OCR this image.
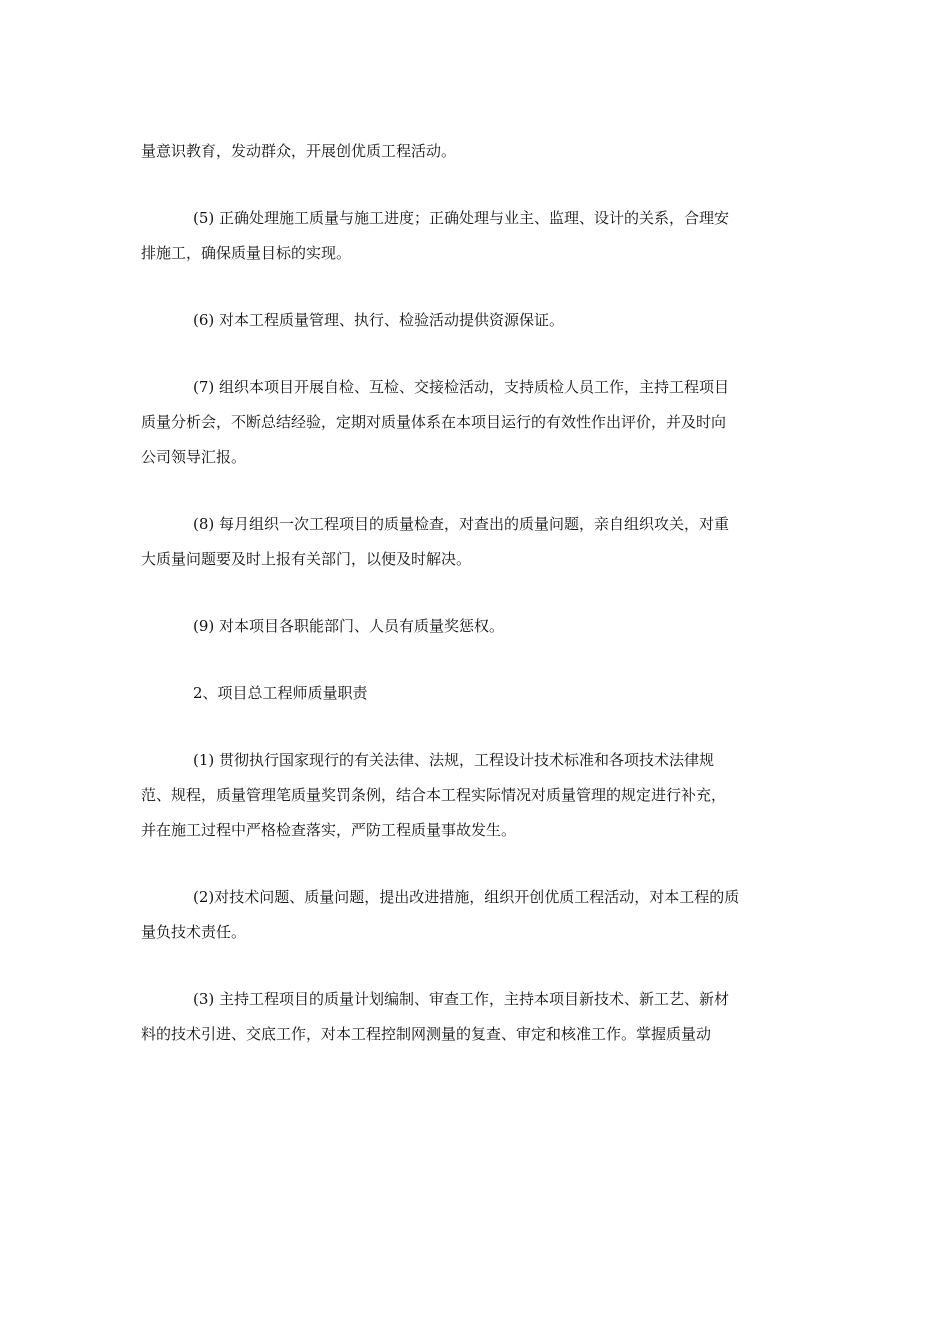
量意识教育，发动群众，开展创优质工程活动。

(5) 正确处理施工质量与施工进度；正确处理与业主、监理、设计的关系，合理安
排施工，确保质量目标的实现。

(6) 对本工程质量管理、执行、检验活动提供资源保证。

(7) 组织本项目开展自检、互检、交接检活动，支持质检人员工作，主持工程项目
质量分析会，不断总结经验，定期对质量体系在本项目运行的有效性作出评价，并及时向
公司领导汇报。

(8) 每月组织一次工程项目的质量检查，对查出的质量问题，亲自组织攻关，对重
大质量问题要及时上报有关部门，以便及时解决。

(9) 对本项目各职能部门、人员有质量奖惩权。

2、项目总工程师质量职责

(1) 贯彻执行国家现行的有关法律、法规，工程设计技术标准和各项技术法律规
范、规程，质量管理笔质量奖罚条例，结合本工程实际情况对质量管理的规定进行补充，
并在施工过程中严格检查落实，严防工程质量事故发生。

(2)对技术问题、质量问题，提出改进措施，组织开创优质工程活动，对本工程的质
量负技术责任。

(3) 主持工程项目的质量计划编制、审查工作，主持本项目新技术、新工艺、新材
料的技术引进、交底工作，对本工程控制网测量的复查、审定和核准工作。掌握质量动
